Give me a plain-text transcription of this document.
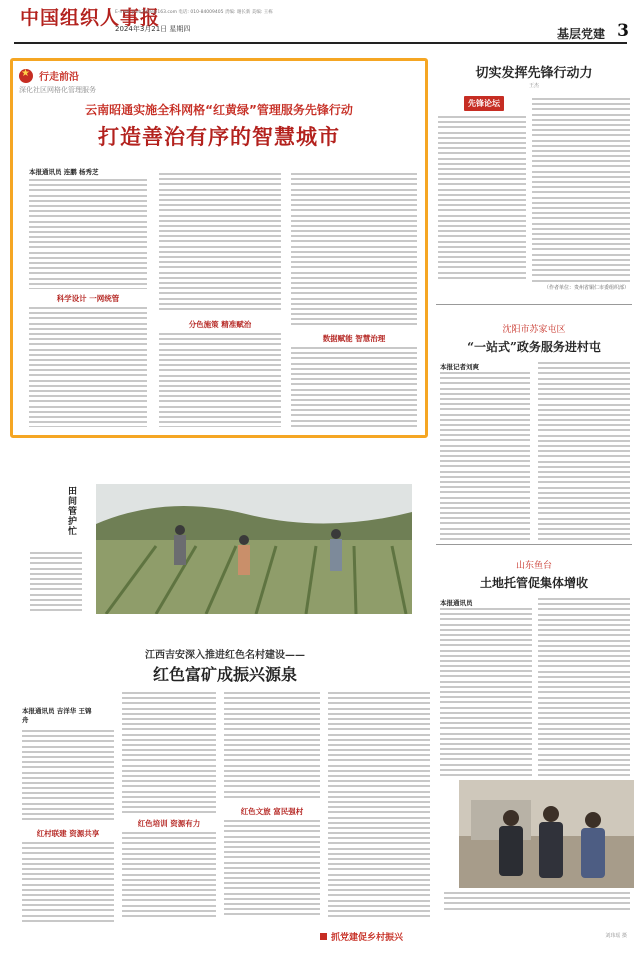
中国组织人事报
E-mail: jceb2018@163.com 电话: 010-84009405 责编: 谢长新 美编: 王栋
2024年3月21日 星期四	基层党建 3
★
行走前沿
深化社区网格化管理服务
云南昭通实施全科网格“红黄绿”管理服务先锋行动
打造善治有序的智慧城市
本报通讯员 连鹏 杨秀芝
科学设计 一网统管
分色施策 精准赋治
数据赋能 智慧治理
切实发挥先锋行动力
王杰
先锋论坛
（作者单位：贵州省铜仁市委组织部）
沈阳市苏家屯区
“一站式”政务服务进村屯
本报记者刘爽
山东鱼台
土地托管促集体增收
本报通讯员
田间管护忙
江西吉安深入推进红色名村建设——
红色富矿成振兴源泉
本报通讯员 吉洋华 王锦舟
红村联建 资源共享
红色培训 资源有力
红色文旅 富民强村
抓党建促乡村振兴	刘玮瑶 摄
